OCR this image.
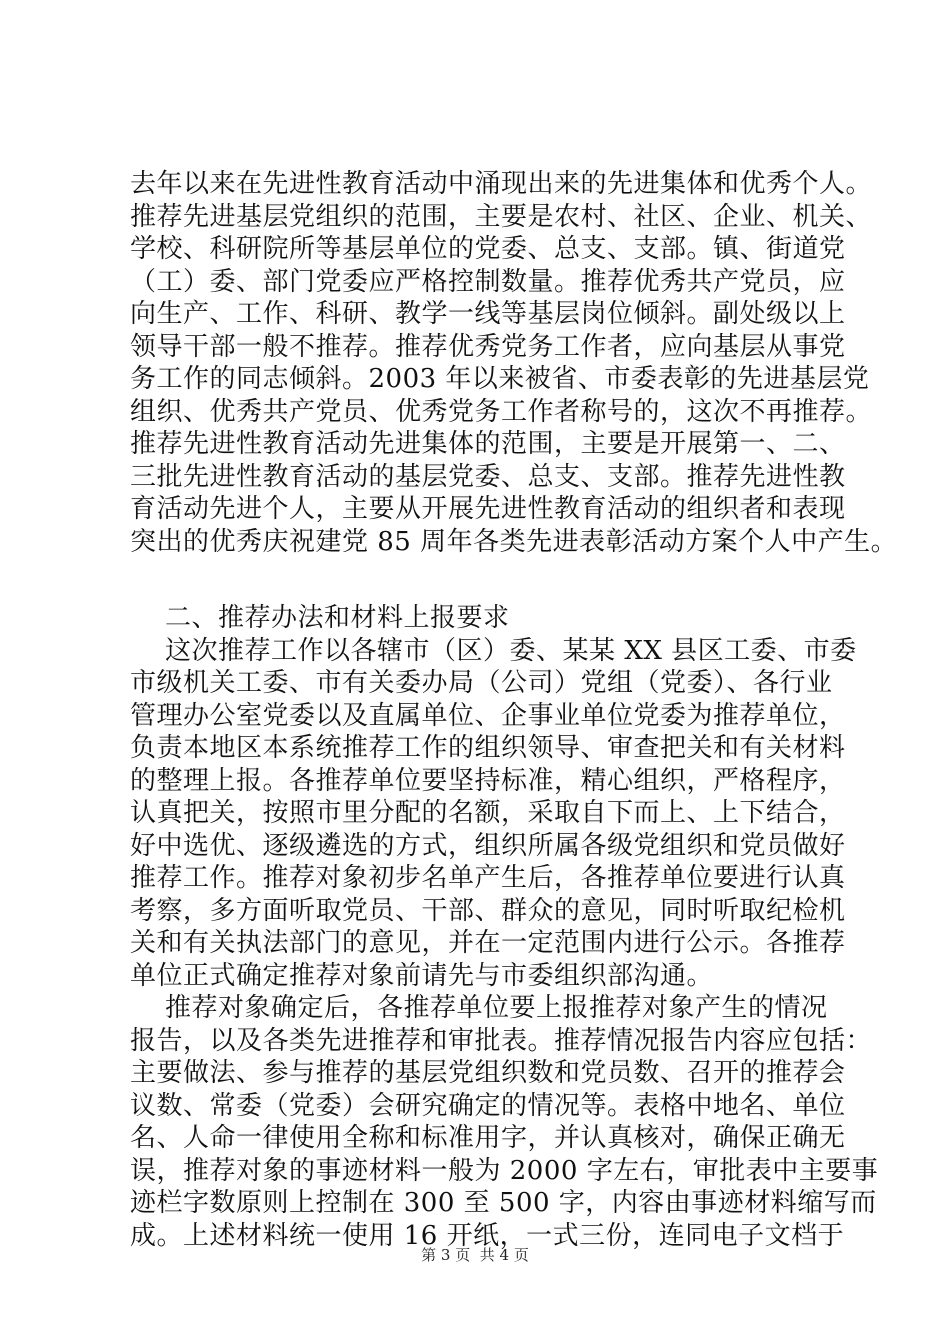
去年以来在先进性教育活动中涌现出来的先进集体和优秀个人。
推荐先进基层党组织的范围，主要是农村、社区、企业、机关、
学校、科研院所等基层单位的党委、总支、支部。镇、街道党
（工）委、部门党委应严格控制数量。推荐优秀共产党员，应
向生产、工作、科研、教学一线等基层岗位倾斜。副处级以上
领导干部一般不推荐。推荐优秀党务工作者，应向基层从事党
务工作的同志倾斜。2003 年以来被省、市委表彰的先进基层党
组织、优秀共产党员、优秀党务工作者称号的，这次不再推荐。
推荐先进性教育活动先进集体的范围，主要是开展第一、二、
三批先进性教育活动的基层党委、总支、支部。推荐先进性教
育活动先进个人，主要从开展先进性教育活动的组织者和表现
突出的优秀庆祝建党 85 周年各类先进表彰活动方案个人中产生。
二、推荐办法和材料上报要求
这次推荐工作以各辖市（区）委、某某 XX 县区工委、市委
市级机关工委、市有关委办局（公司）党组（党委）、各行业
管理办公室党委以及直属单位、企事业单位党委为推荐单位，
负责本地区本系统推荐工作的组织领导、审查把关和有关材料
的整理上报。各推荐单位要坚持标准，精心组织，严格程序，
认真把关，按照市里分配的名额，采取自下而上、上下结合，
好中选优、逐级遴选的方式，组织所属各级党组织和党员做好
推荐工作。推荐对象初步名单产生后，各推荐单位要进行认真
考察，多方面听取党员、干部、群众的意见，同时听取纪检机
关和有关执法部门的意见，并在一定范围内进行公示。各推荐
单位正式确定推荐对象前请先与市委组织部沟通。
推荐对象确定后，各推荐单位要上报推荐对象产生的情况
报告，以及各类先进推荐和审批表。推荐情况报告内容应包括：
主要做法、参与推荐的基层党组织数和党员数、召开的推荐会
议数、常委（党委）会研究确定的情况等。表格中地名、单位
名、人命一律使用全称和标准用字，并认真核对，确保正确无
误，推荐对象的事迹材料一般为 2000 字左右，审批表中主要事
迹栏字数原则上控制在 300 至 500 字，内容由事迹材料缩写而
成。上述材料统一使用 16 开纸，一式三份，连同电子文档于
第 3 页  共 4 页
